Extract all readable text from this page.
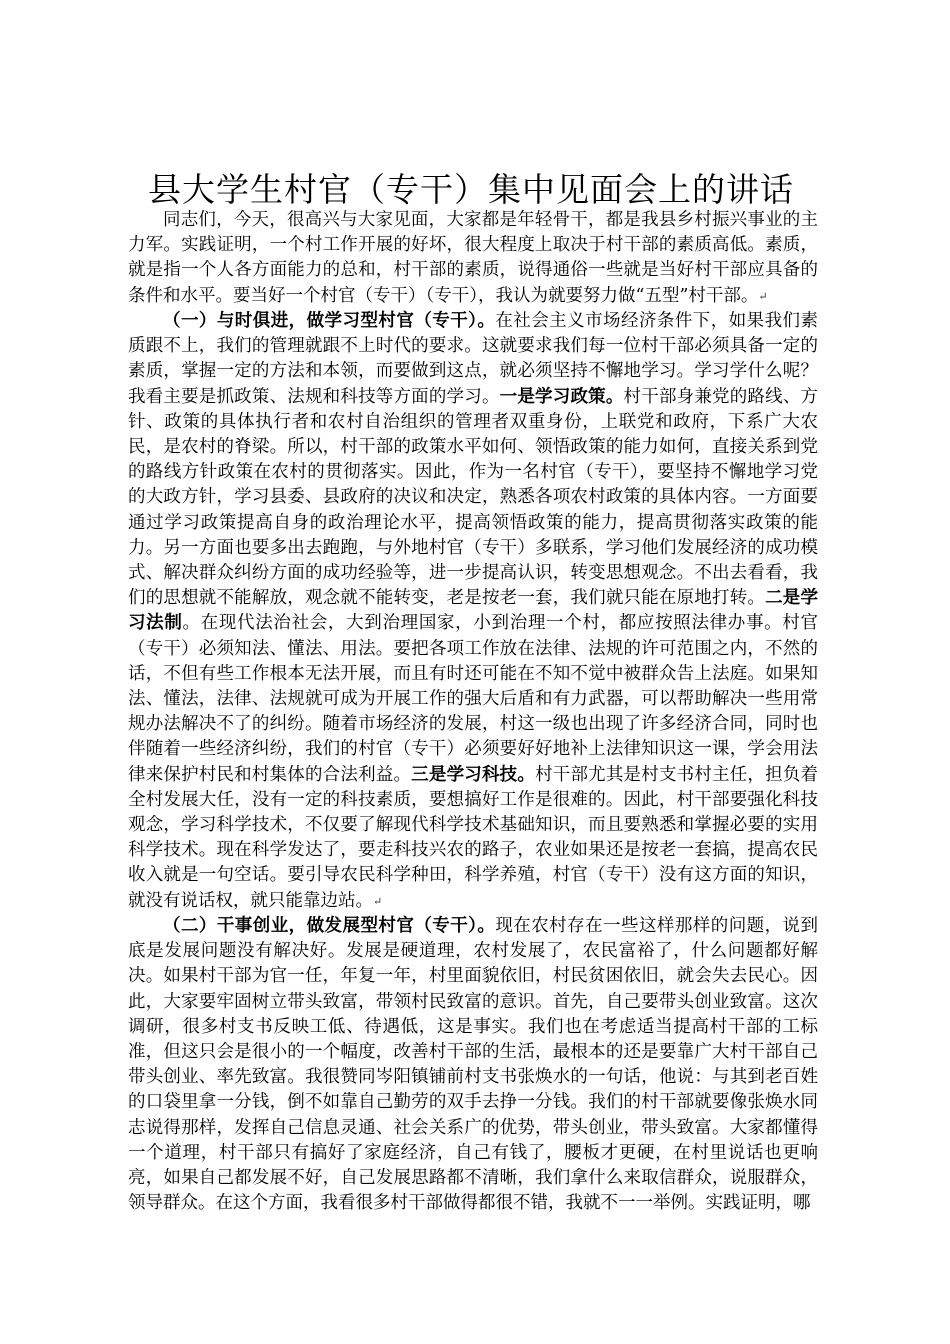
县大学生村官（专干）集中见面会上的讲话

同志们，今天，很高兴与大家见面，大家都是年轻骨干，都是我县乡村振兴事业的主力军。实践证明，一个村工作开展的好坏，很大程度上取决于村干部的素质高低。素质，就是指一个人各方面能力的总和，村干部的素质，说得通俗一些就是当好村干部应具备的条件和水平。要当好一个村官（专干）（专干），我认为就要努力做“五型”村干部。↵

（一）与时俱进，做学习型村官（专干）。在社会主义市场经济条件下，如果我们素质跟不上，我们的管理就跟不上时代的要求。这就要求我们每一位村干部必须具备一定的素质，掌握一定的方法和本领，而要做到这点，就必须坚持不懈地学习。学习学什么呢？我看主要是抓政策、法规和科技等方面的学习。一是学习政策。村干部身兼党的路线、方针、政策的具体执行者和农村自治组织的管理者双重身份，上联党和政府，下系广大农民，是农村的脊梁。所以，村干部的政策水平如何、领悟政策的能力如何，直接关系到党的路线方针政策在农村的贯彻落实。因此，作为一名村官（专干），要坚持不懈地学习党的大政方针，学习县委、县政府的决议和决定，熟悉各项农村政策的具体内容。一方面要通过学习政策提高自身的政治理论水平，提高领悟政策的能力，提高贯彻落实政策的能力。另一方面也要多出去跑跑，与外地村官（专干）多联系，学习他们发展经济的成功模式、解决群众纠纷方面的成功经验等，进一步提高认识，转变思想观念。不出去看看，我们的思想就不能解放，观念就不能转变，老是按老一套，我们就只能在原地打转。二是学习法制。在现代法治社会，大到治理国家，小到治理一个村，都应按照法律办事。村官（专干）必须知法、懂法、用法。要把各项工作放在法律、法规的许可范围之内，不然的话，不但有些工作根本无法开展，而且有时还可能在不知不觉中被群众告上法庭。如果知法、懂法，法律、法规就可成为开展工作的强大后盾和有力武器，可以帮助解决一些用常规办法解决不了的纠纷。随着市场经济的发展，村这一级也出现了许多经济合同，同时也伴随着一些经济纠纷，我们的村官（专干）必须要好好地补上法律知识这一课，学会用法律来保护村民和村集体的合法利益。三是学习科技。村干部尤其是村支书村主任，担负着全村发展大任，没有一定的科技素质，要想搞好工作是很难的。因此，村干部要强化科技观念，学习科学技术，不仅要了解现代科学技术基础知识，而且要熟悉和掌握必要的实用科学技术。现在科学发达了，要走科技兴农的路子，农业如果还是按老一套搞，提高农民收入就是一句空话。要引导农民科学种田，科学养殖，村官（专干）没有这方面的知识，就没有说话权，就只能靠边站。↵

（二）干事创业，做发展型村官（专干）。现在农村存在一些这样那样的问题，说到底是发展问题没有解决好。发展是硬道理，农村发展了，农民富裕了，什么问题都好解决。如果村干部为官一任，年复一年，村里面貌依旧，村民贫困依旧，就会失去民心。因此，大家要牢固树立带头致富，带领村民致富的意识。首先，自己要带头创业致富。这次调研，很多村支书反映工低、待遇低，这是事实。我们也在考虑适当提高村干部的工标准，但这只会是很小的一个幅度，改善村干部的生活，最根本的还是要靠广大村干部自己带头创业、率先致富。我很赞同岑阳镇铺前村支书张焕水的一句话，他说：与其到老百姓的口袋里拿一分钱，倒不如靠自己勤劳的双手去挣一分钱。我们的村干部就要像张焕水同志说得那样，发挥自己信息灵通、社会关系广的优势，带头创业，带头致富。大家都懂得一个道理，村干部只有搞好了家庭经济，自己有钱了，腰板才更硬，在村里说话也更响亮，如果自己都发展不好，自己发展思路都不清晰，我们拿什么来取信群众，说服群众，领导群众。在这个方面，我看很多村干部做得都很不错，我就不一一举例。实践证明，哪
